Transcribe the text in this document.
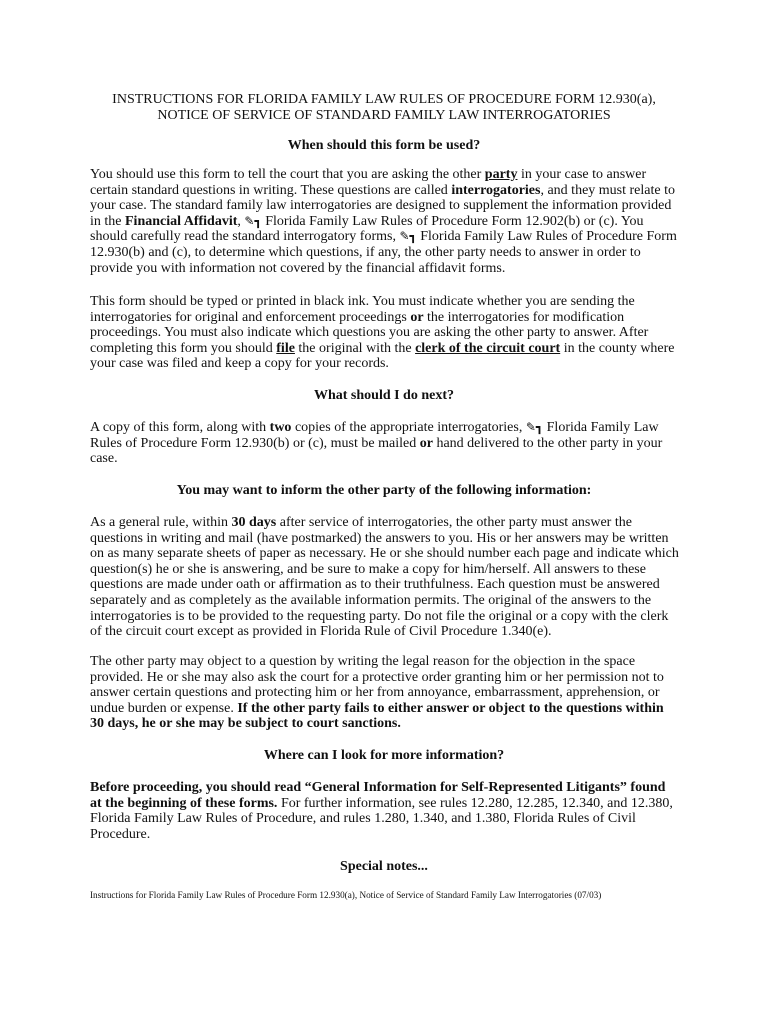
INSTRUCTIONS FOR FLORIDA FAMILY LAW RULES OF PROCEDURE FORM 12.930(a),
NOTICE OF SERVICE OF STANDARD FAMILY LAW INTERROGATORIES
When should this form be used?
You should use this form to tell the court that you are asking the other party in your case to answer certain standard questions in writing. These questions are called interrogatories, and they must relate to your case. The standard family law interrogatories are designed to supplement the information provided in the Financial Affidavit, ✎┓ Florida Family Law Rules of Procedure Form 12.902(b) or (c). You should carefully read the standard interrogatory forms, ✎┓ Florida Family Law Rules of Procedure Form 12.930(b) and (c), to determine which questions, if any, the other party needs to answer in order to provide you with information not covered by the financial affidavit forms.
This form should be typed or printed in black ink. You must indicate whether you are sending the interrogatories for original and enforcement proceedings or the interrogatories for modification proceedings. You must also indicate which questions you are asking the other party to answer. After completing this form you should file the original with the clerk of the circuit court in the county where your case was filed and keep a copy for your records.
What should I do next?
A copy of this form, along with two copies of the appropriate interrogatories, ✎┓ Florida Family Law Rules of Procedure Form 12.930(b) or (c), must be mailed or hand delivered to the other party in your case.
You may want to inform the other party of the following information:
As a general rule, within 30 days after service of interrogatories, the other party must answer the questions in writing and mail (have postmarked) the answers to you. His or her answers may be written on as many separate sheets of paper as necessary. He or she should number each page and indicate which question(s) he or she is answering, and be sure to make a copy for him/herself. All answers to these questions are made under oath or affirmation as to their truthfulness. Each question must be answered separately and as completely as the available information permits. The original of the answers to the interrogatories is to be provided to the requesting party. Do not file the original or a copy with the clerk of the circuit court except as provided in Florida Rule of Civil Procedure 1.340(e).
The other party may object to a question by writing the legal reason for the objection in the space provided. He or she may also ask the court for a protective order granting him or her permission not to answer certain questions and protecting him or her from annoyance, embarrassment, apprehension, or undue burden or expense. If the other party fails to either answer or object to the questions within 30 days, he or she may be subject to court sanctions.
Where can I look for more information?
Before proceeding, you should read “General Information for Self-Represented Litigants” found at the beginning of these forms. For further information, see rules 12.280, 12.285, 12.340, and 12.380, Florida Family Law Rules of Procedure, and rules 1.280, 1.340, and 1.380, Florida Rules of Civil Procedure.
Special notes...
Instructions for Florida Family Law Rules of Procedure Form 12.930(a), Notice of Service of Standard Family Law Interrogatories (07/03)
